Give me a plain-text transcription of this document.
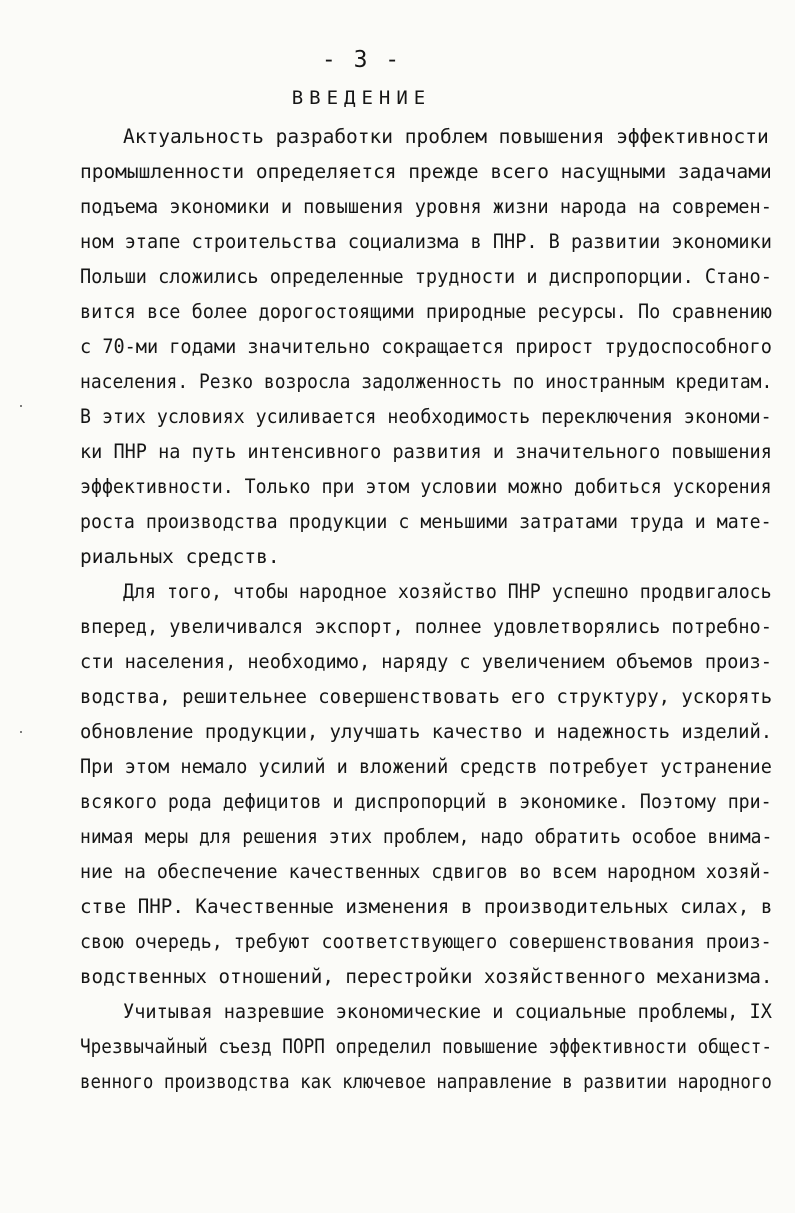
- 3 -
ВВЕДЕНИЕ
Актуальность разработки проблем повышения эффективности
промышленности определяется прежде всего насущными задачами
подъема экономики и повышения уровня жизни народа на современ-
ном этапе строительства социализма в ПНР. В развитии экономики
Польши сложились определенные трудности и диспропорции. Стано-
вится все более дорогостоящими природные ресурсы. По сравнению
с 70-ми годами значительно сокращается прирост трудоспособного
населения. Резко возросла задолженность по иностранным кредитам.
В этих условиях усиливается необходимость переключения экономи-
ки ПНР на путь интенсивного развития и значительного повышения
эффективности. Только при этом условии можно добиться ускорения
роста производства продукции с меньшими затратами труда и мате-
риальных средств.
Для того, чтобы народное хозяйство ПНР успешно продвигалось
вперед, увеличивался экспорт, полнее удовлетворялись потребно-
сти населения, необходимо, наряду с увеличением объемов произ-
водства, решительнее совершенствовать его структуру, ускорять
обновление продукции, улучшать качество и надежность изделий.
При этом немало усилий и вложений средств потребует устранение
всякого рода дефицитов и диспропорций в экономике. Поэтому при-
нимая меры для решения этих проблем, надо обратить особое внима-
ние на обеспечение качественных сдвигов во всем народном хозяй-
стве ПНР. Качественные изменения в производительных силах, в
свою очередь, требуют соответствующего совершенствования произ-
водственных отношений, перестройки хозяйственного механизма.
Учитывая назревшие экономические и социальные проблемы, IX
Чрезвычайный съезд ПОРП определил повышение эффективности общест-
венного производства как ключевое направление в развитии народного
